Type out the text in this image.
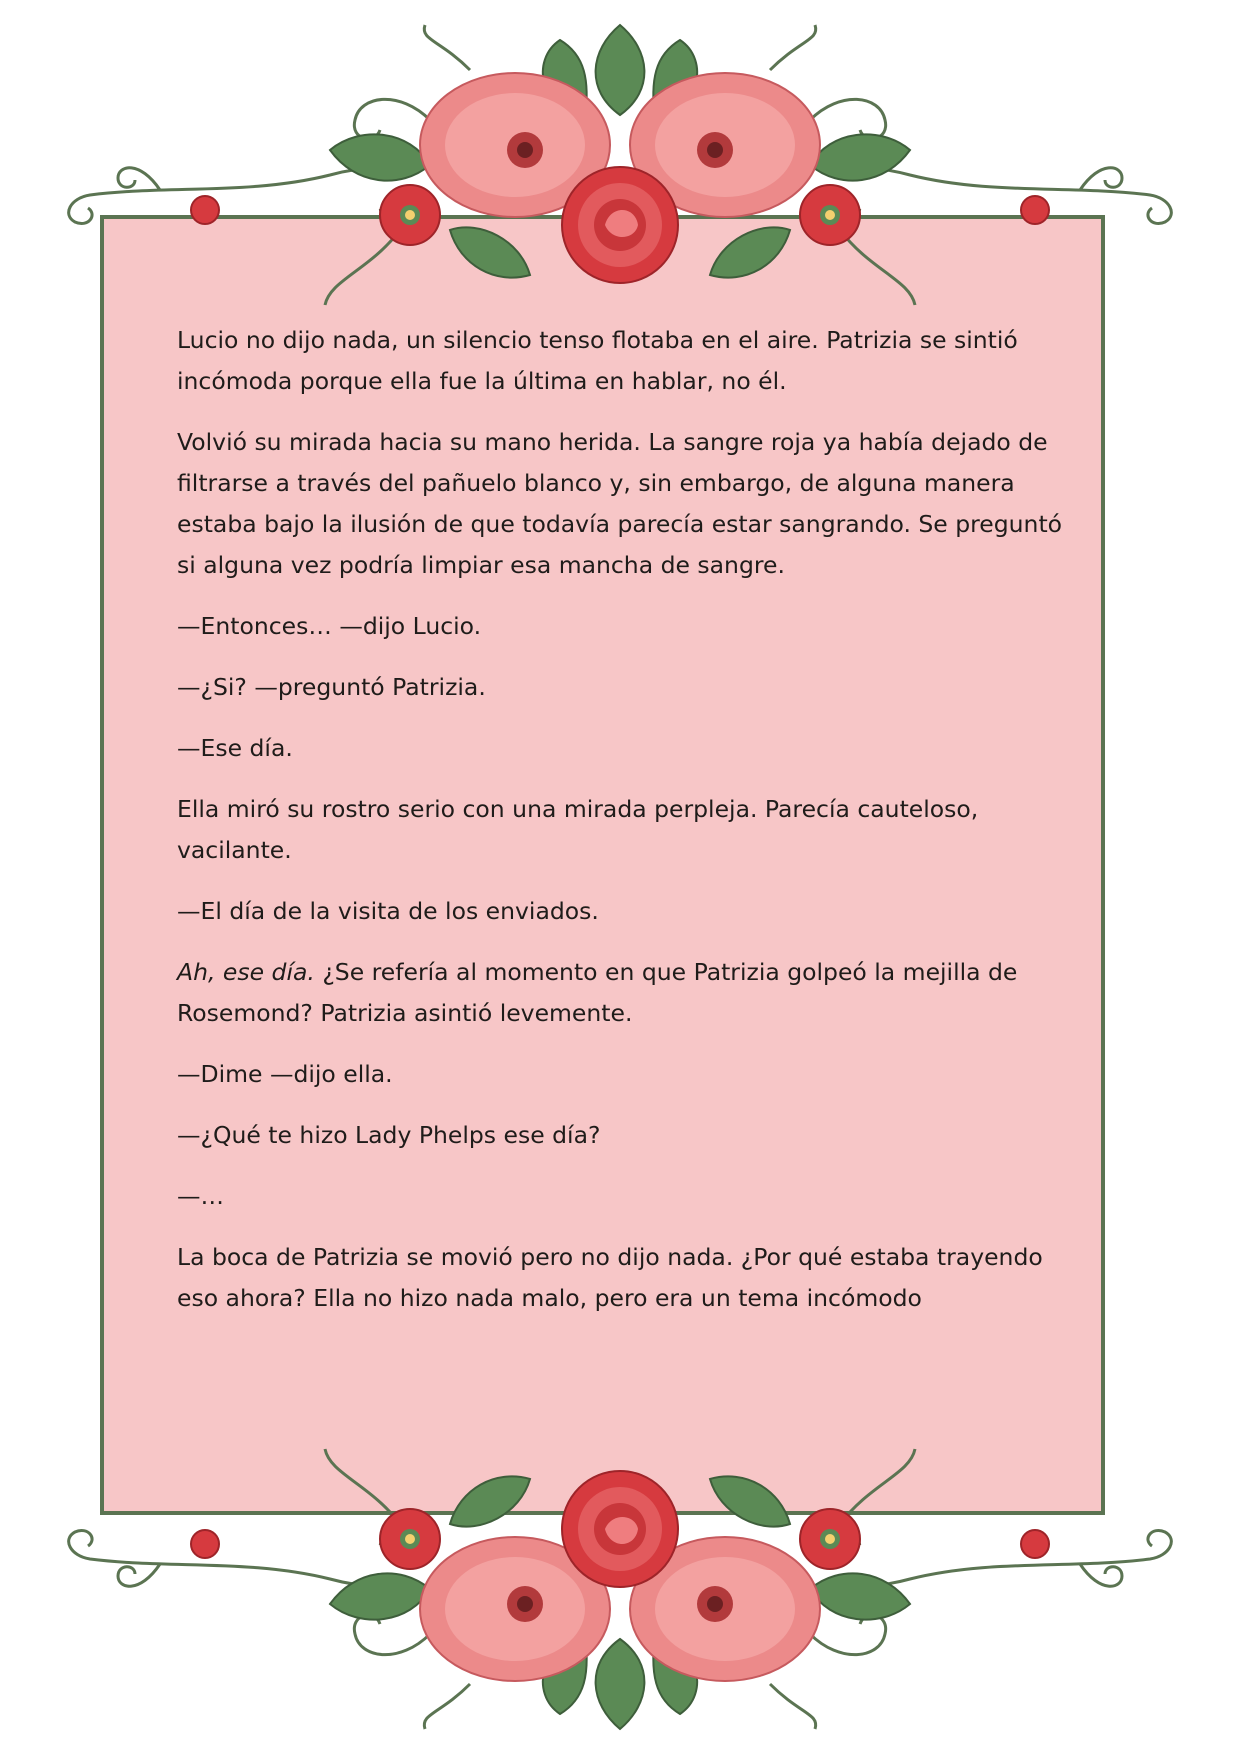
Lucio no dijo nada, un silencio tenso flotaba en el aire. Patrizia se sintió incómoda porque ella fue la última en hablar, no él.

Volvió su mirada hacia su mano herida. La sangre roja ya había dejado de filtrarse a través del pañuelo blanco y, sin embargo, de alguna manera estaba bajo la ilusión de que todavía parecía estar sangrando. Se preguntó si alguna vez podría limpiar esa mancha de sangre.

—Entonces… —dijo Lucio.

—¿Si? —preguntó Patrizia.

—Ese día.

Ella miró su rostro serio con una mirada perpleja. Parecía cauteloso, vacilante.

—El día de la visita de los enviados.

Ah, ese día. ¿Se refería al momento en que Patrizia golpeó la mejilla de Rosemond? Patrizia asintió levemente.

—Dime —dijo ella.

—¿Qué te hizo Lady Phelps ese día?

—…

La boca de Patrizia se movió pero no dijo nada. ¿Por qué estaba trayendo eso ahora? Ella no hizo nada malo, pero era un tema incómodo
